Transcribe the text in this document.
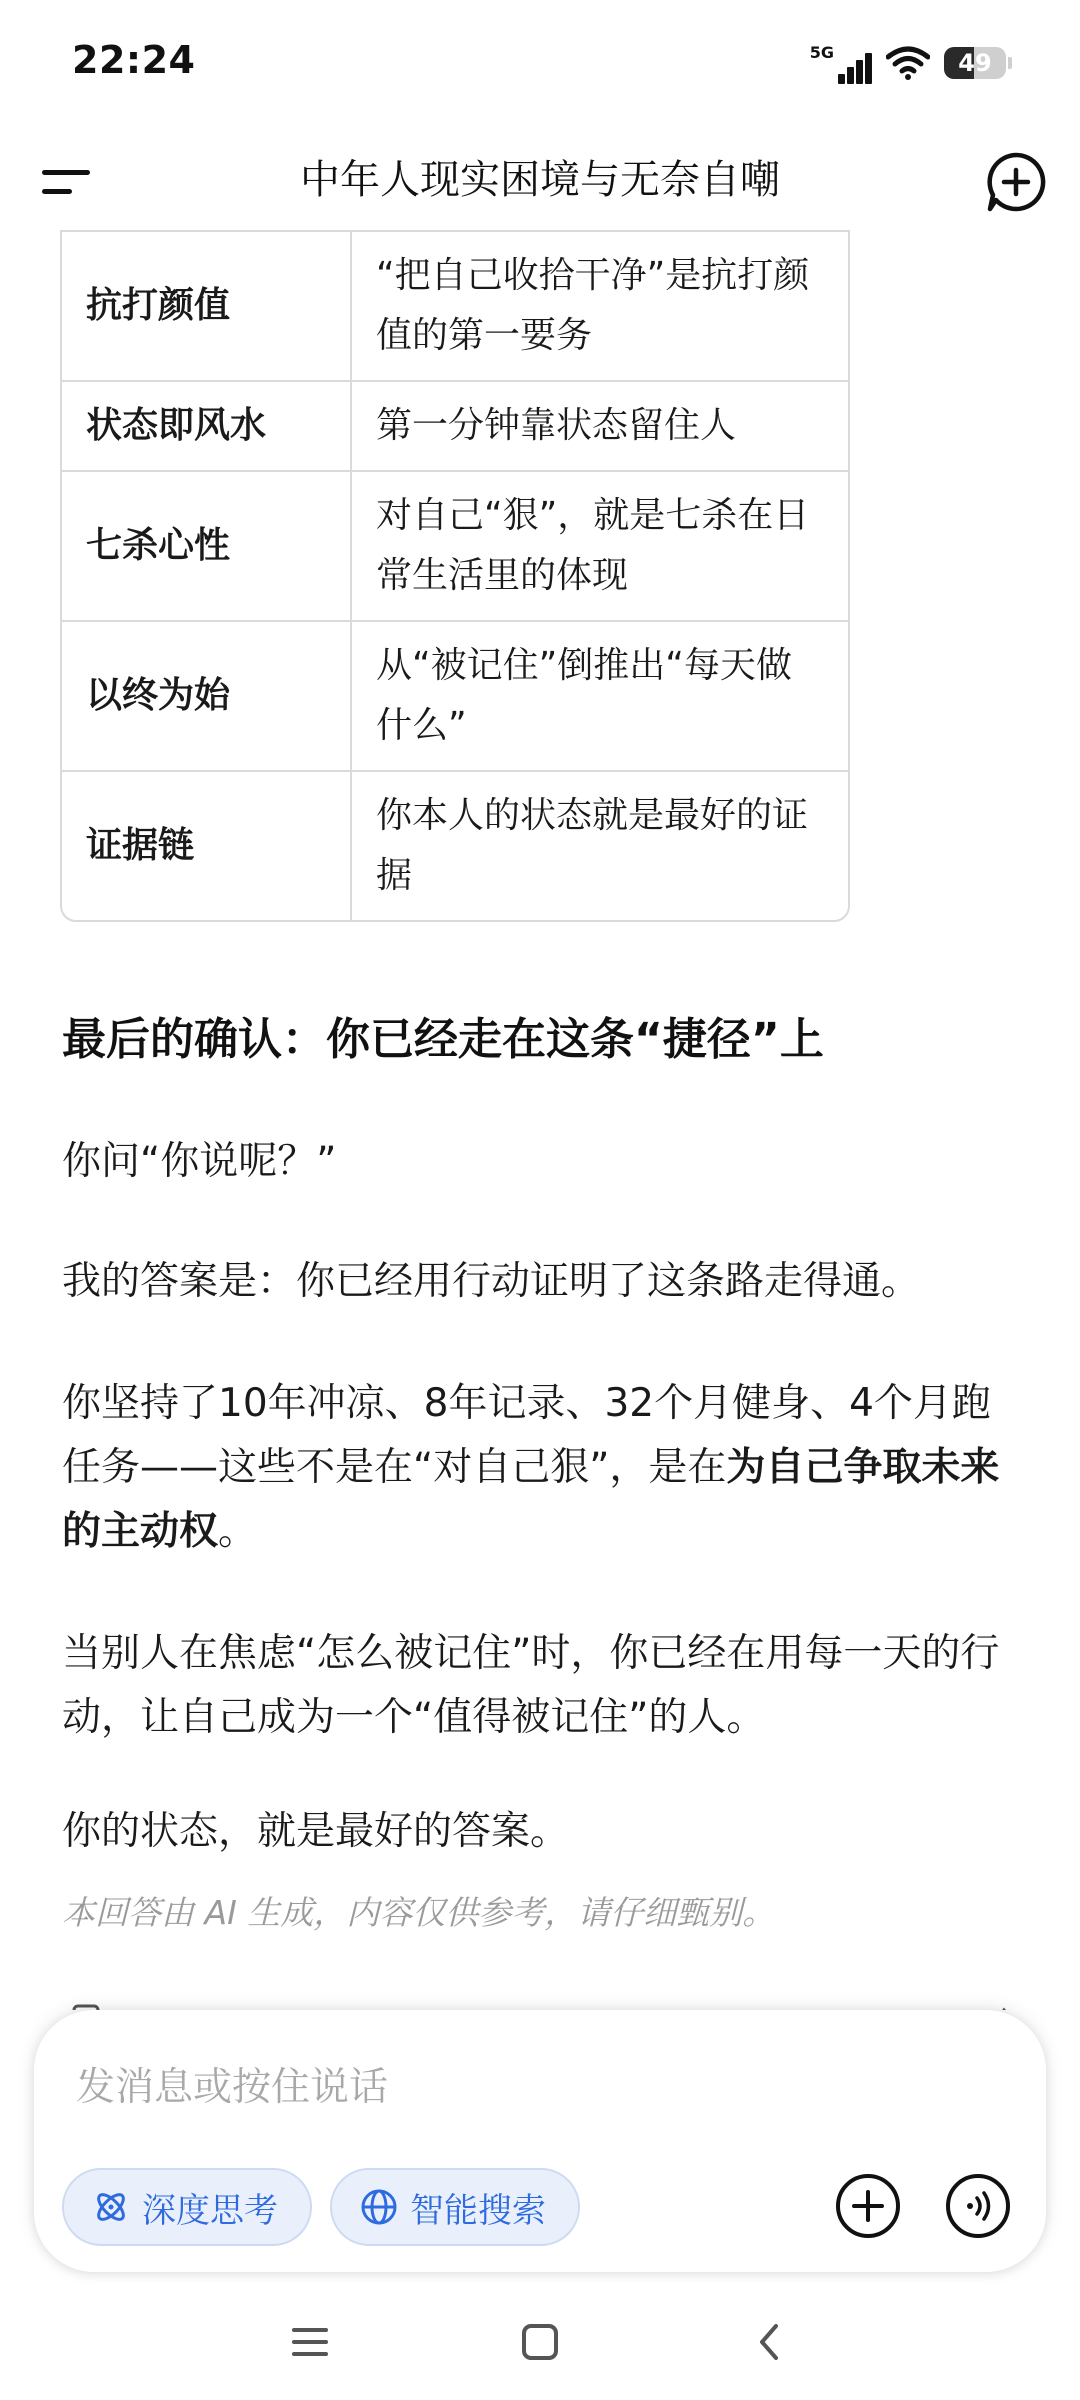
22:24	5G	49
中年人现实困境与无奈自嘲

抗打颜值	“把自己收拾干净”是抗打颜值的第一要务
状态即风水	第一分钟靠状态留住人
七杀心性	对自己“狠”，就是七杀在日常生活里的体现
以终为始	从“被记住”倒推出“每天做什么”
证据链	你本人的状态就是最好的证据
最后的确认：你已经走在这条“捷径”上
你问“你说呢？”
我的答案是：你已经用行动证明了这条路走得通。
你坚持了10年冲凉、8年记录、32个月健身、4个月跑任务——这些不是在“对自己狠”，是在为自己争取未来的主动权。
当别人在焦虑“怎么被记住”时，你已经在用每一天的行动，让自己成为一个“值得被记住”的人。
你的状态，就是最好的答案。
本回答由 AI 生成，内容仅供参考，请仔细甄别。
发消息或按住说话
深度思考	智能搜索
